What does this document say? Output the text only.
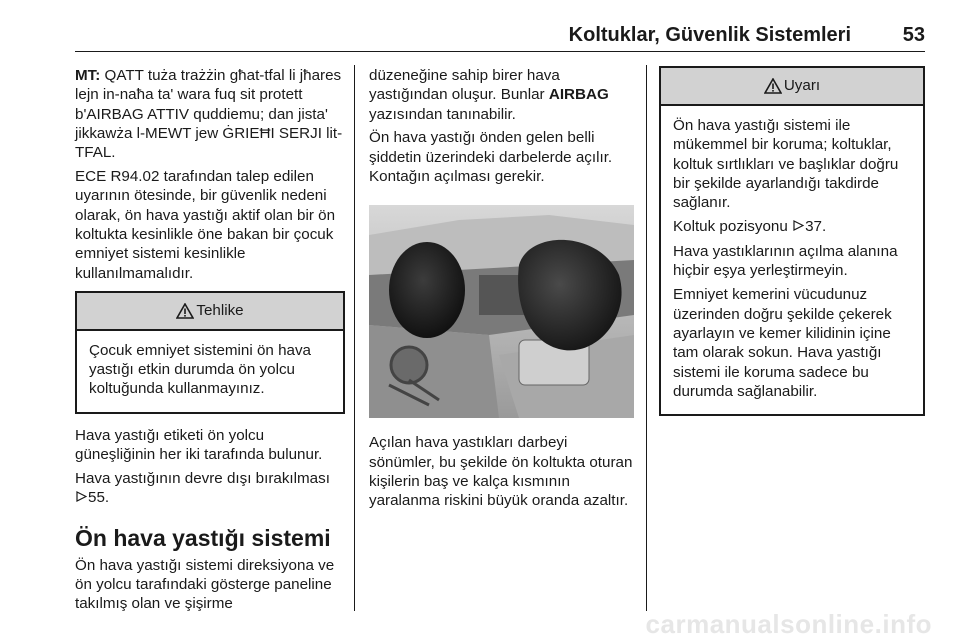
Koltuklar, Güvenlik Sistemleri	53

MT: QATT tuża trażżin għat-tfal li jħares lejn in-naħa ta' wara fuq sit protett b'AIRBAG ATTIV quddiemu; dan jista' jikkawża l-MEWT jew ĠRIEĦI SERJI lit-TFAL.

ECE R94.02 tarafından talep edilen uyarının ötesinde, bir güvenlik nedeni olarak, ön hava yastığı aktif olan bir ön koltukta kesinlikle öne bakan bir çocuk emniyet sistemi kesinlikle kullanılmamalıdır.

Tehlike

Çocuk emniyet sistemini ön hava yastığı etkin durumda ön yolcu koltuğunda kullanmayınız.

Hava yastığı etiketi ön yolcu güneşliğinin her iki tarafında bulunur.

Hava yastığının devre dışı bırakılması 55.

Ön hava yastığı sistemi

Ön hava yastığı sistemi direksiyona ve ön yolcu tarafındaki gösterge paneline takılmış olan ve şişirme

düzeneğine sahip birer hava yastığından oluşur. Bunlar AIRBAG yazısından tanınabilir.

Ön hava yastığı önden gelen belli şiddetin üzerindeki darbelerde açılır. Kontağın açılması gerekir.

Açılan hava yastıkları darbeyi sönümler, bu şekilde ön koltukta oturan kişilerin baş ve kalça kısmının yaralanma riskini büyük oranda azaltır.

Uyarı

Ön hava yastığı sistemi ile mükemmel bir koruma; koltuklar, koltuk sırtlıkları ve başlıklar doğru bir şekilde ayarlandığı takdirde sağlanır.

Koltuk pozisyonu 37.

Hava yastıklarının açılma alanına hiçbir eşya yerleştirmeyin.

Emniyet kemerini vücudunuz üzerinden doğru şekilde çekerek ayarlayın ve kemer kilidinin içine tam olarak sokun. Hava yastığı sistemi ile koruma sadece bu durumda sağlanabilir.

carmanualsonline.info
